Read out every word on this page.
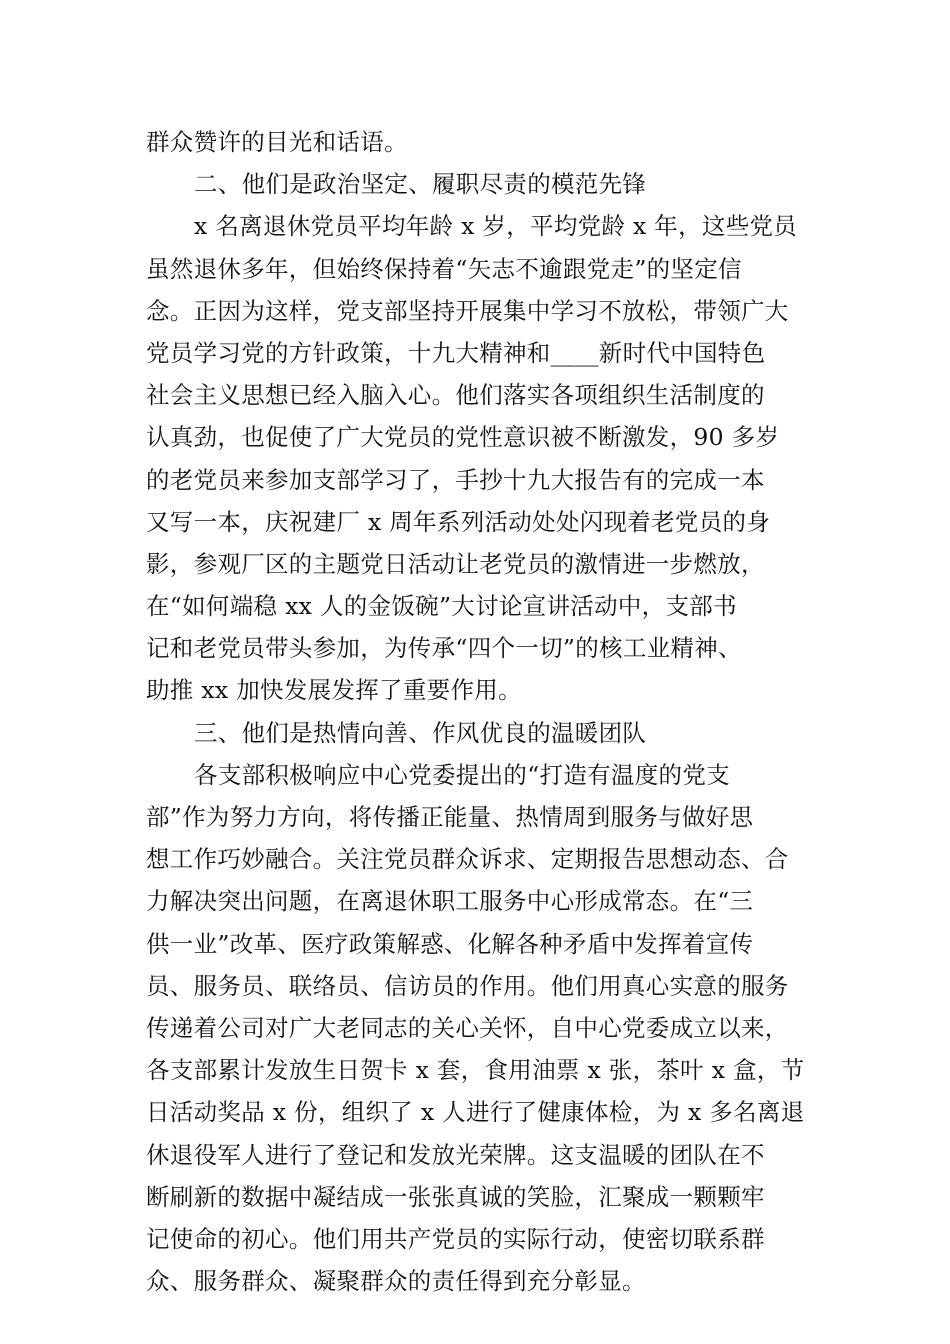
群众赞许的目光和话语。
二、他们是政治坚定、履职尽责的模范先锋
x 名离退休党员平均年龄 x 岁，平均党龄 x 年，这些党员
虽然退休多年，但始终保持着“矢志不逾跟党走”的坚定信
念。正因为这样，党支部坚持开展集中学习不放松，带领广大
党员学习党的方针政策，十九大精神和____新时代中国特色
社会主义思想已经入脑入心。他们落实各项组织生活制度的
认真劲，也促使了广大党员的党性意识被不断激发，90 多岁
的老党员来参加支部学习了，手抄十九大报告有的完成一本
又写一本，庆祝建厂 x 周年系列活动处处闪现着老党员的身
影，参观厂区的主题党日活动让老党员的激情进一步燃放，
在“如何端稳 xx 人的金饭碗”大讨论宣讲活动中，支部书
记和老党员带头参加，为传承“四个一切”的核工业精神、
助推 xx 加快发展发挥了重要作用。
三、他们是热情向善、作风优良的温暖团队
各支部积极响应中心党委提出的“打造有温度的党支
部”作为努力方向，将传播正能量、热情周到服务与做好思
想工作巧妙融合。关注党员群众诉求、定期报告思想动态、合
力解决突出问题，在离退休职工服务中心形成常态。在“三
供一业”改革、医疗政策解惑、化解各种矛盾中发挥着宣传
员、服务员、联络员、信访员的作用。他们用真心实意的服务
传递着公司对广大老同志的关心关怀，自中心党委成立以来，
各支部累计发放生日贺卡 x 套，食用油票 x 张，茶叶 x 盒，节
日活动奖品 x 份，组织了 x 人进行了健康体检，为 x 多名离退
休退役军人进行了登记和发放光荣牌。这支温暖的团队在不
断刷新的数据中凝结成一张张真诚的笑脸，汇聚成一颗颗牢
记使命的初心。他们用共产党员的实际行动，使密切联系群
众、服务群众、凝聚群众的责任得到充分彰显。
